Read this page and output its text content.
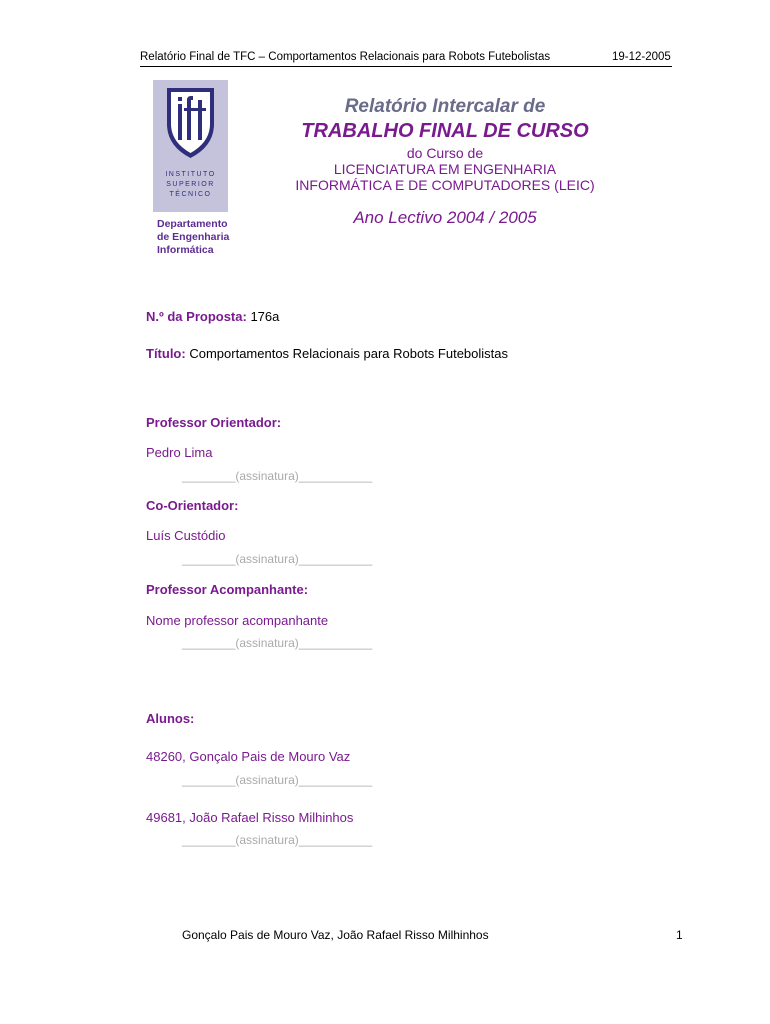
Relatório Final de TFC – Comportamentos Relacionais para Robots Futebolistas	19-12-2005
INSTITUTO
SUPERIOR
TÉCNICO
Departamento
de Engenharia
Informática
Relatório Intercalar de
TRABALHO FINAL DE CURSO
do Curso de
LICENCIATURA EM ENGENHARIA
INFORMÁTICA E DE COMPUTADORES (LEIC)
Ano Lectivo 2004 / 2005
N.º da Proposta: 176a
Título: Comportamentos Relacionais para Robots Futebolistas
Professor Orientador:
Pedro Lima
________(assinatura)___________
Co-Orientador:
Luís Custódio
________(assinatura)___________
Professor Acompanhante:
Nome professor acompanhante
________(assinatura)___________
Alunos:
48260, Gonçalo Pais de Mouro Vaz
________(assinatura)___________
49681, João Rafael Risso Milhinhos
________(assinatura)___________
Gonçalo Pais de Mouro Vaz, João Rafael Risso Milhinhos	1
